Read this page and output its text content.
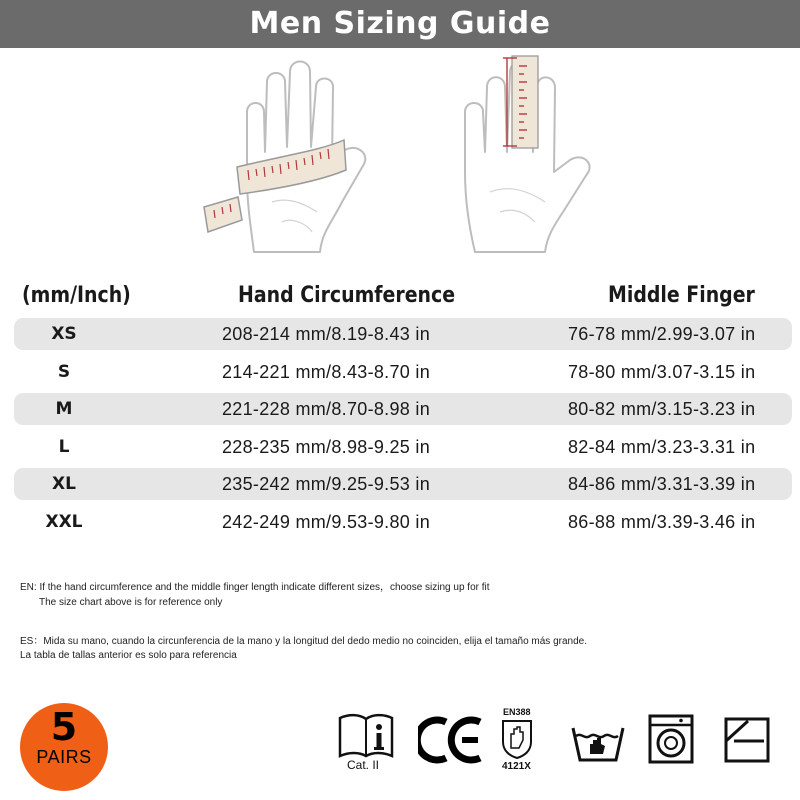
Men Sizing Guide
(mm/Inch)	Hand Circumference	Middle Finger
XS	208-214 mm/8.19-8.43 in	76-78 mm/2.99-3.07 in
S	214-221 mm/8.43-8.70 in	78-80 mm/3.07-3.15 in
M	221-228 mm/8.70-8.98 in	80-82 mm/3.15-3.23 in
L	228-235 mm/8.98-9.25 in	82-84 mm/3.23-3.31 in
XL	235-242 mm/9.25-9.53 in	84-86 mm/3.31-3.39 in
XXL	242-249 mm/9.53-9.80 in	86-88 mm/3.39-3.46 in
EN: If the hand circumference and the middle finger length indicate different sizes，choose sizing up for fit
The size chart above is for reference only
ES：Mida su mano, cuando la circunferencia de la mano y la longitud del dedo medio no coinciden, elija el tamaño más grande.
La tabla de tallas anterior es solo para referencia
5
PAIRS	Cat. II
EN388
4121X
